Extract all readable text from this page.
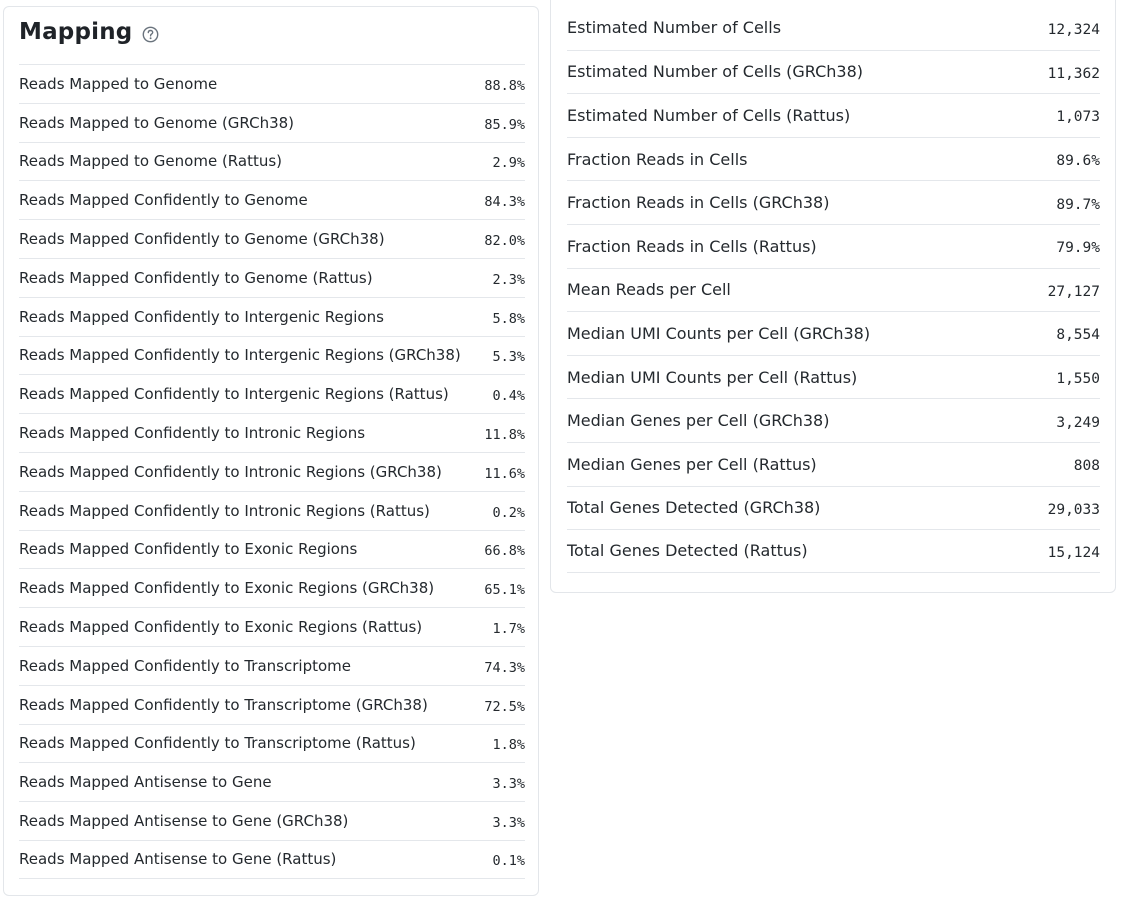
Mapping
Reads Mapped to Genome	88.8%
Reads Mapped to Genome (GRCh38)	85.9%
Reads Mapped to Genome (Rattus)	2.9%
Reads Mapped Confidently to Genome	84.3%
Reads Mapped Confidently to Genome (GRCh38)	82.0%
Reads Mapped Confidently to Genome (Rattus)	2.3%
Reads Mapped Confidently to Intergenic Regions	5.8%
Reads Mapped Confidently to Intergenic Regions (GRCh38) 5.3%
Reads Mapped Confidently to Intergenic Regions (Rattus)	0.4%
Reads Mapped Confidently to Intronic Regions	11.8%
Reads Mapped Confidently to Intronic Regions (GRCh38)	11.6%
Reads Mapped Confidently to Intronic Regions (Rattus)	0.2%
Reads Mapped Confidently to Exonic Regions	66.8%
Reads Mapped Confidently to Exonic Regions (GRCh38)	65.1%
Reads Mapped Confidently to Exonic Regions (Rattus)	1.7%
Reads Mapped Confidently to Transcriptome	74.3%
Reads Mapped Confidently to Transcriptome (GRCh38)	72.5%
Reads Mapped Confidently to Transcriptome (Rattus)	1.8%
Reads Mapped Antisense to Gene	3.3%
Reads Mapped Antisense to Gene (GRCh38)	3.3%
Reads Mapped Antisense to Gene (Rattus)	0.1%
Estimated Number of Cells	12,324
Estimated Number of Cells (GRCh38)	11,362
Estimated Number of Cells (Rattus)	1,073
Fraction Reads in Cells	89.6%
Fraction Reads in Cells (GRCh38)	89.7%
Fraction Reads in Cells (Rattus)	79.9%
Mean Reads per Cell	27,127
Median UMI Counts per Cell (GRCh38)	8,554
Median UMI Counts per Cell (Rattus)	1,550
Median Genes per Cell (GRCh38)	3,249
Median Genes per Cell (Rattus)	808
Total Genes Detected (GRCh38)	29,033
Total Genes Detected (Rattus)	15,124
